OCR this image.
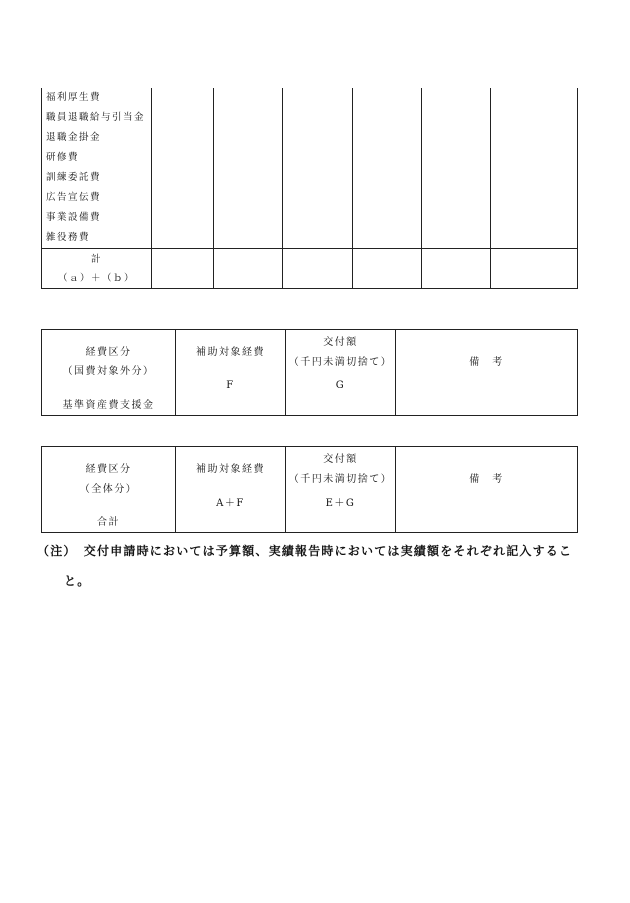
福利厚生費
職員退職給与引当金
退職金掛金
研修費
訓練委託費
広告宣伝費
事業設備費
雑役務費
計
（ａ）＋（ｂ）
経費区分
（国費対象外分）
基準資産費支援金
補助対象経費
F
交付額
（千円未満切捨て）
G
備　考
経費区分
（全体分）
合計
補助対象経費
A＋F
交付額
（千円未満切捨て）
E＋G
備　考
（注）　交付申請時においては予算額、実績報告時においては実績額をそれぞれ記入するこ
と。
